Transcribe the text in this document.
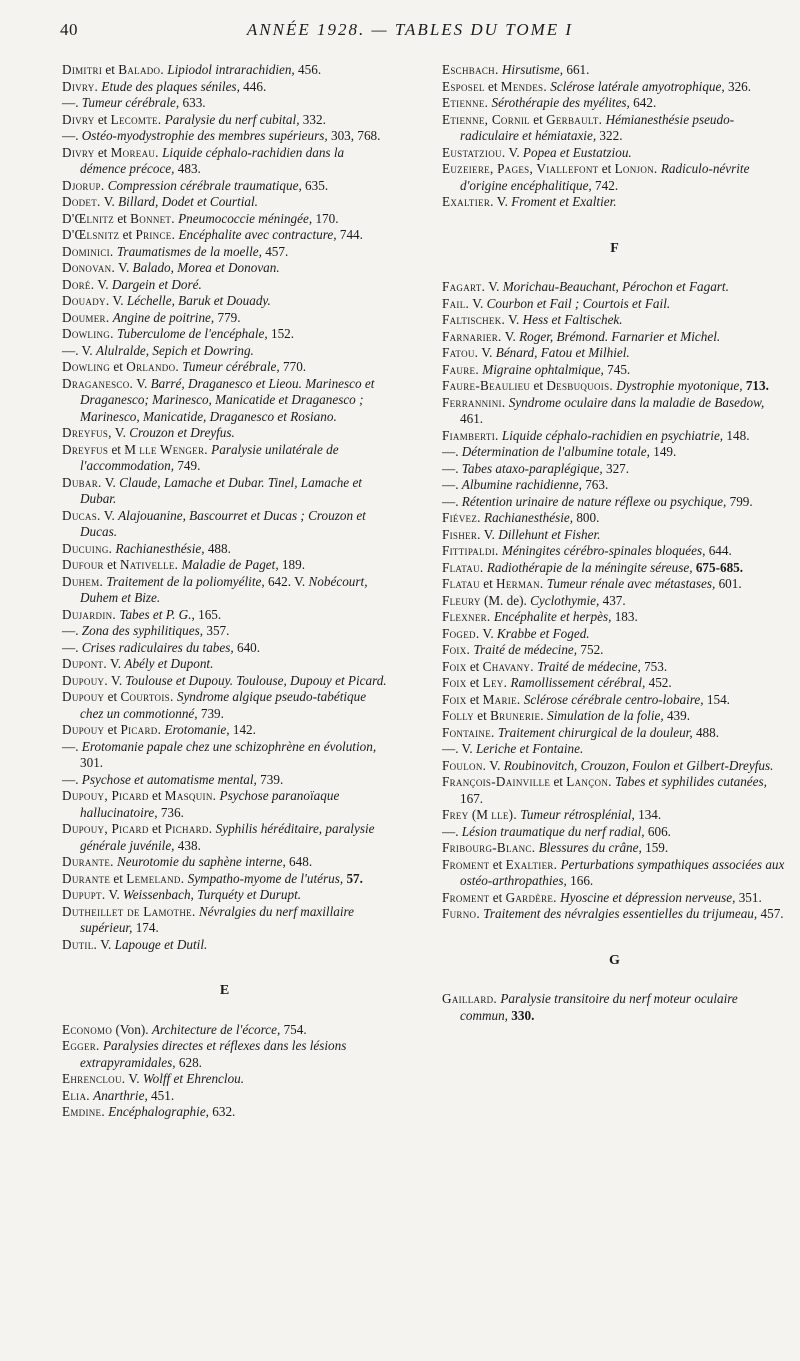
40	ANNÉE 1928. — TABLES DU TOME I

Dimitri et Balado. Lipiodol intrarachidien, 456.

Divry. Etude des plaques séniles, 446.

—. Tumeur cérébrale, 633.

Divry et Lecomte. Paralysie du nerf cubital, 332.

—. Ostéo-myodystrophie des membres supérieurs, 303, 768.

Divry et Moreau. Liquide céphalo-rachidien dans la démence précoce, 483.

Djorup. Compression cérébrale traumatique, 635.

Dodet. V. Billard, Dodet et Courtial.

D'Œlnitz et Bonnet. Pneumococcie méningée, 170.

D'Œlsnitz et Prince. Encéphalite avec contracture, 744.

Dominici. Traumatismes de la moelle, 457.

Donovan. V. Balado, Morea et Donovan.

Doré. V. Dargein et Doré.

Douady. V. Léchelle, Baruk et Douady.

Doumer. Angine de poitrine, 779.

Dowling. Tuberculome de l'encéphale, 152.

—. V. Alulralde, Sepich et Dowring.

Dowling et Orlando. Tumeur cérébrale, 770.

Draganesco. V. Barré, Draganesco et Lieou. Marinesco et Draganesco; Marinesco, Manicatide et Draganesco ; Marinesco, Manicatide, Draganesco et Rosiano.

Dreyfus, V. Crouzon et Dreyfus.

Dreyfus et M lle Wenger. Paralysie unilatérale de l'accommodation, 749.

Dubar. V. Claude, Lamache et Dubar. Tinel, Lamache et Dubar.

Ducas. V. Alajouanine, Bascourret et Ducas ; Crouzon et Ducas.

Ducuing. Rachianesthésie, 488.

Dufour et Nativelle. Maladie de Paget, 189.

Duhem. Traitement de la poliomyélite, 642. V. Nobécourt, Duhem et Bize.

Dujardin. Tabes et P. G., 165.

—. Zona des syphilitiques, 357.

—. Crises radiculaires du tabes, 640.

Dupont. V. Abély et Dupont.

Dupouy. V. Toulouse et Dupouy. Toulouse, Dupouy et Picard.

Dupouy et Courtois. Syndrome algique pseudo-tabétique chez un commotionné, 739.

Dupouy et Picard. Erotomanie, 142.

—. Erotomanie papale chez une schizophrène en évolution, 301.

—. Psychose et automatisme mental, 739.

Dupouy, Picard et Masquin. Psychose paranoïaque hallucinatoire, 736.

Dupouy, Picard et Pichard. Syphilis héréditaire, paralysie générale juvénile, 438.

Durante. Neurotomie du saphène interne, 648.

Durante et Lemeland. Sympatho-myome de l'utérus, 57.

Dupupt. V. Weissenbach, Turquéty et Durupt.

Dutheillet de Lamothe. Névralgies du nerf maxillaire supérieur, 174.

Dutil. V. Lapouge et Dutil.

E

Economo (Von). Architecture de l'écorce, 754.

Egger. Paralysies directes et réflexes dans les lésions extrapyramidales, 628.

Ehrenclou. V. Wolff et Ehrenclou.

Elia. Anarthrie, 451.

Emdine. Encéphalographie, 632.

Eschbach. Hirsutisme, 661.

Esposel et Mendes. Sclérose latérale amyotrophique, 326.

Etienne. Sérothérapie des myélites, 642.

Etienne, Cornil et Gerbault. Hémianesthésie pseudo-radiculaire et hémiataxie, 322.

Eustatziou. V. Popea et Eustatziou.

Euzeiere, Pages, Viallefont et Lonjon. Radiculo-névrite d'origine encéphalitique, 742.

Exaltier. V. Froment et Exaltier.

F

Fagart. V. Morichau-Beauchant, Pérochon et Fagart.

Fail. V. Courbon et Fail ; Courtois et Fail.

Faltischek. V. Hess et Faltischek.

Farnarier. V. Roger, Brémond. Farnarier et Michel.

Fatou. V. Bénard, Fatou et Milhiel.

Faure. Migraine ophtalmique, 745.

Faure-Beaulieu et Desbuquois. Dystrophie myotonique, 713.

Ferrannini. Syndrome oculaire dans la maladie de Basedow, 461.

Fiamberti. Liquide céphalo-rachidien en psychiatrie, 148.

—. Détermination de l'albumine totale, 149.

—. Tabes ataxo-paraplégique, 327.

—. Albumine rachidienne, 763.

—. Rétention urinaire de nature réflexe ou psychique, 799.

Fiévez. Rachianesthésie, 800.

Fisher. V. Dillehunt et Fisher.

Fittipaldi. Méningites cérébro-spinales bloquées, 644.

Flatau. Radiothérapie de la méningite séreuse, 675-685.

Flatau et Herman. Tumeur rénale avec métastases, 601.

Fleury (M. de). Cyclothymie, 437.

Flexner. Encéphalite et herpès, 183.

Foged. V. Krabbe et Foged.

Foix. Traité de médecine, 752.

Foix et Chavany. Traité de médecine, 753.

Foix et Ley. Ramollissement cérébral, 452.

Foix et Marie. Sclérose cérébrale centro-lobaire, 154.

Folly et Brunerie. Simulation de la folie, 439.

Fontaine. Traitement chirurgical de la douleur, 488.

—. V. Leriche et Fontaine.

Foulon. V. Roubinovitch, Crouzon, Foulon et Gilbert-Dreyfus.

François-Dainville et Lançon. Tabes et syphilides cutanées, 167.

Frey (M lle). Tumeur rétrosplénial, 134.

—. Lésion traumatique du nerf radial, 606.

Fribourg-Blanc. Blessures du crâne, 159.

Froment et Exaltier. Perturbations sympathiques associées aux ostéo-arthropathies, 166.

Froment et Gardère. Hyoscine et dépression nerveuse, 351.

Furno. Traitement des névralgies essentielles du trijumeau, 457.

G

Gaillard. Paralysie transitoire du nerf moteur oculaire commun, 330.
